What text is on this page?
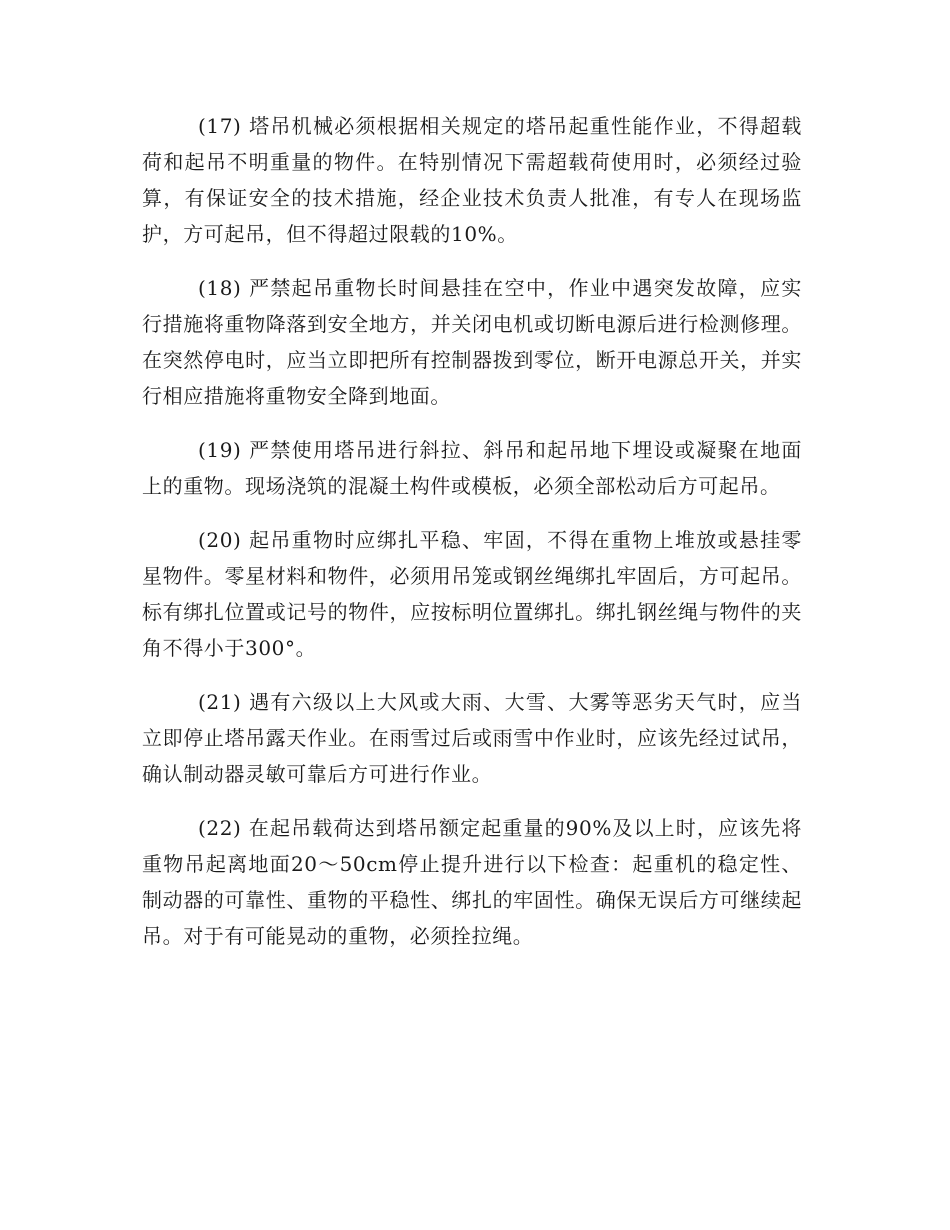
(17) 塔吊机械必须根据相关规定的塔吊起重性能作业，不得超载荷和起吊不明重量的物件。在特别情况下需超载荷使用时，必须经过验算，有保证安全的技术措施，经企业技术负责人批准，有专人在现场监护，方可起吊，但不得超过限载的10%。

(18) 严禁起吊重物长时间悬挂在空中，作业中遇突发故障，应实行措施将重物降落到安全地方，并关闭电机或切断电源后进行检测修理。在突然停电时，应当立即把所有控制器拨到零位，断开电源总开关，并实行相应措施将重物安全降到地面。

(19) 严禁使用塔吊进行斜拉、斜吊和起吊地下埋设或凝聚在地面上的重物。现场浇筑的混凝土构件或模板，必须全部松动后方可起吊。

(20) 起吊重物时应绑扎平稳、牢固，不得在重物上堆放或悬挂零星物件。零星材料和物件，必须用吊笼或钢丝绳绑扎牢固后，方可起吊。标有绑扎位置或记号的物件，应按标明位置绑扎。绑扎钢丝绳与物件的夹角不得小于300°。

(21) 遇有六级以上大风或大雨、大雪、大雾等恶劣天气时，应当立即停止塔吊露天作业。在雨雪过后或雨雪中作业时，应该先经过试吊，确认制动器灵敏可靠后方可进行作业。

(22) 在起吊载荷达到塔吊额定起重量的90%及以上时，应该先将重物吊起离地面20～50cm停止提升进行以下检查：起重机的稳定性、制动器的可靠性、重物的平稳性、绑扎的牢固性。确保无误后方可继续起吊。对于有可能晃动的重物，必须拴拉绳。
